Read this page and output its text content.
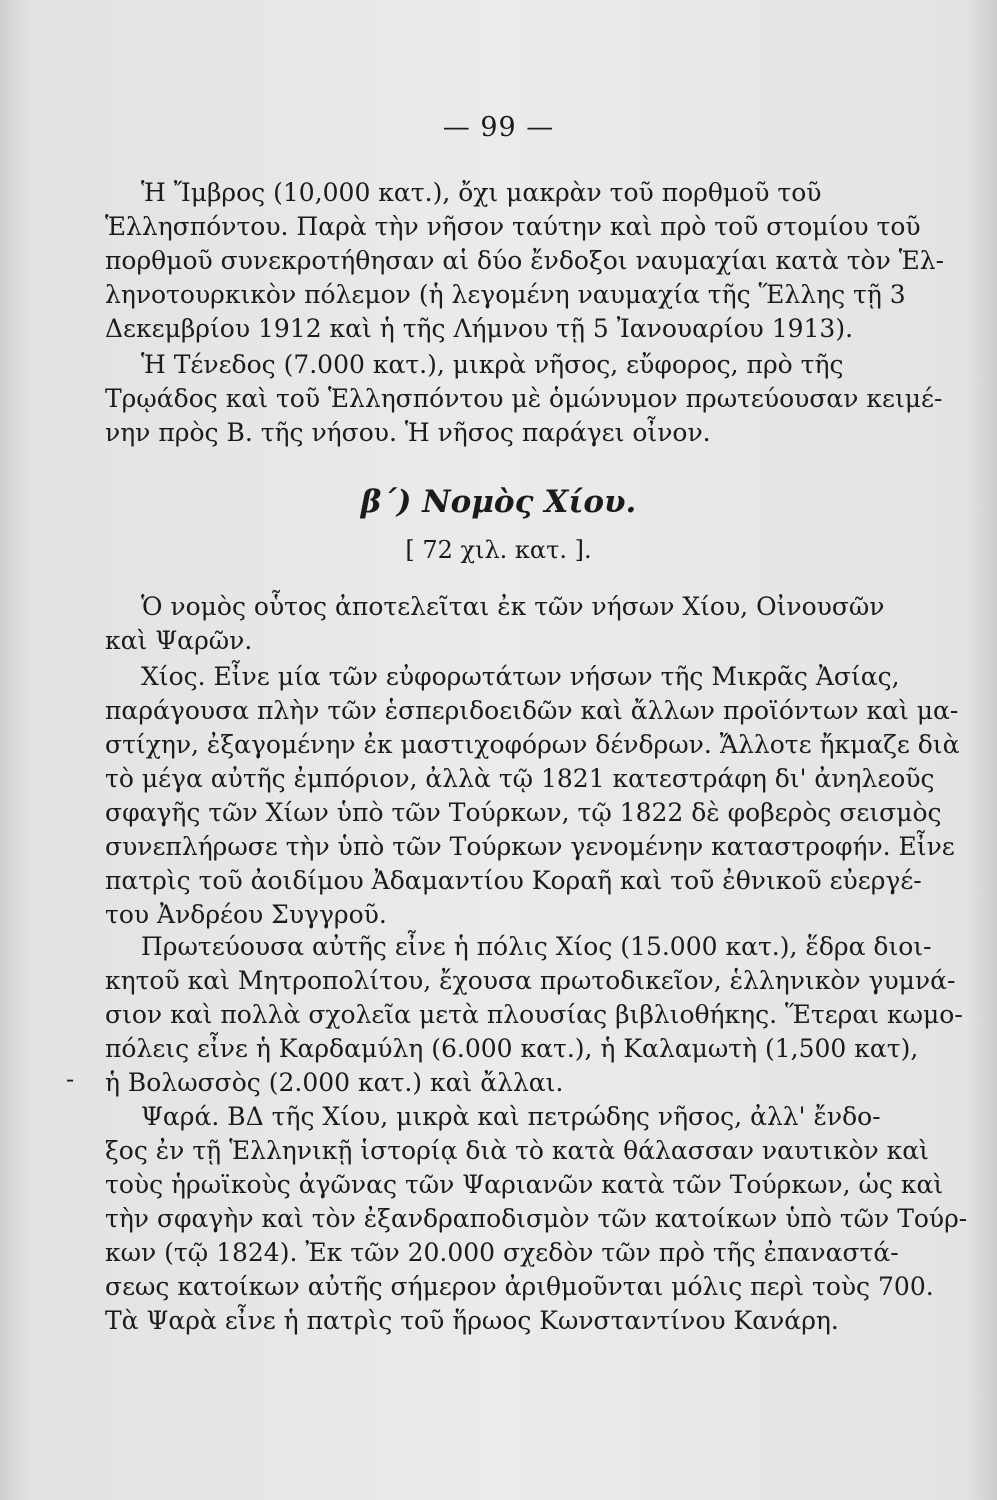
— 99 —
Ἡ Ἴμβρος (10,000 κατ.), ὄχι μακρὰν τοῦ πορθμοῦ τοῦ
Ἑλλησπόντου. Παρὰ τὴν νῆσον ταύτην καὶ πρὸ τοῦ στομίου τοῦ
πορθμοῦ συνεκροτήθησαν αἱ δύο ἔνδοξοι ναυμαχίαι κατὰ τὸν Ἑλ-
ληνοτουρκικὸν πόλεμον (ἡ λεγομένη ναυμαχία τῆς Ἕλλης τῇ 3
Δεκεμβρίου 1912 καὶ ἡ τῆς Λήμνου τῇ 5 Ἰανουαρίου 1913).
Ἡ Τένεδος (7.000 κατ.), μικρὰ νῆσος, εὔφορος, πρὸ τῆς
Τρῳάδος καὶ τοῦ Ἑλλησπόντου μὲ ὁμώνυμον πρωτεύουσαν κειμέ-
νην πρὸς Β. τῆς νήσου. Ἡ νῆσος παράγει οἶνον.
Ὁ νομὸς οὗτος ἀποτελεῖται ἐκ τῶν νήσων Χίου, Οἰνουσῶν
καὶ Ψαρῶν.
Χίος. Εἶνε μία τῶν εὐφορωτάτων νήσων τῆς Μικρᾶς Ἀσίας,
παράγουσα πλὴν τῶν ἑσπεριδοειδῶν καὶ ἄλλων προϊόντων καὶ μα-
στίχην, ἐξαγομένην ἐκ μαστιχοφόρων δένδρων. Ἄλλοτε ἤκμαζε διὰ
τὸ μέγα αὐτῆς ἐμπόριον, ἀλλὰ τῷ 1821 κατεστράφη δι' ἀνηλεοῦς
σφαγῆς τῶν Χίων ὑπὸ τῶν Τούρκων, τῷ 1822 δὲ φοβερὸς σεισμὸς
συνεπλήρωσε τὴν ὑπὸ τῶν Τούρκων γενομένην καταστροφήν. Εἶνε
πατρὶς τοῦ ἀοιδίμου Ἀδαμαντίου Κοραῆ καὶ τοῦ ἐθνικοῦ εὐεργέ-
του Ἀνδρέου Συγγροῦ.
Πρωτεύουσα αὐτῆς εἶνε ἡ πόλις Χίος (15.000 κατ.), ἕδρα διοι-
κητοῦ καὶ Μητροπολίτου, ἔχουσα πρωτοδικεῖον, ἑλληνικὸν γυμνά-
σιον καὶ πολλὰ σχολεῖα μετὰ πλουσίας βιβλιοθήκης. Ἕτεραι κωμο-
πόλεις εἶνε ἡ Καρδαμύλη (6.000 κατ.), ἡ Καλαμωτὴ (1,500 κατ),
ἡ Βολωσσὸς (2.000 κατ.) καὶ ἄλλαι.
Ψαρά. ΒΔ τῆς Χίου, μικρὰ καὶ πετρώδης νῆσος, ἀλλ' ἔνδο-
ξος ἐν τῇ Ἑλληνικῇ ἱστορίᾳ διὰ τὸ κατὰ θάλασσαν ναυτικὸν καὶ
τοὺς ἡρωϊκοὺς ἀγῶνας τῶν Ψαριανῶν κατὰ τῶν Τούρκων, ὡς καὶ
τὴν σφαγὴν καὶ τὸν ἐξανδραποδισμὸν τῶν κατοίκων ὑπὸ τῶν Τούρ-
κων (τῷ 1824). Ἐκ τῶν 20.000 σχεδὸν τῶν πρὸ τῆς ἐπαναστά-
σεως κατοίκων αὐτῆς σήμερον ἀριθμοῦνται μόλις περὶ τοὺς 700.
Τὰ Ψαρὰ εἶνε ἡ πατρὶς τοῦ ἥρωος Κωνσταντίνου Κανάρη.
β΄) Νομὸς Χίου.
[ 72 χιλ. κατ. ].
-
